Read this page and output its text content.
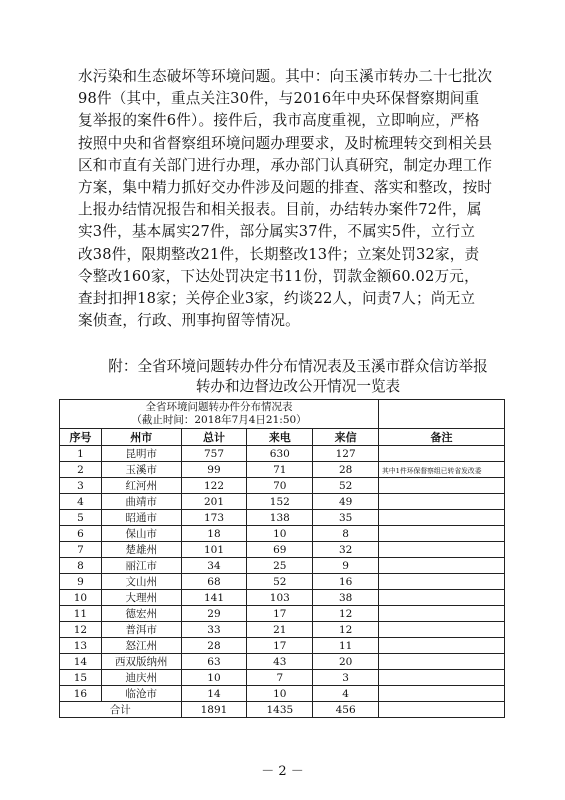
水污染和生态破坏等环境问题。其中：向玉溪市转办二十七批次
98件（其中，重点关注30件，与2016年中央环保督察期间重
复举报的案件6件）。接件后，我市高度重视，立即响应，严格
按照中央和省督察组环境问题办理要求，及时梳理转交到相关县
区和市直有关部门进行办理，承办部门认真研究，制定办理工作
方案，集中精力抓好交办件涉及问题的排查、落实和整改，按时
上报办结情况报告和相关报表。目前，办结转办案件72件，属
实3件，基本属实27件，部分属实37件，不属实5件，立行立
改38件，限期整改21件，长期整改13件；立案处罚32家，责
令整改160家，下达处罚决定书11份，罚款金额60.02万元，
查封扣押18家；关停企业3家，约谈22人，问责7人；尚无立
案侦查，行政、刑事拘留等情况。
附：全省环境问题转办件分布情况表及玉溪市群众信访举报
转办和边督边改公开情况一览表
全省环境问题转办件分布情况表
（截止时间：2018年7月4日21:50）					

序号	州市	总计	来电	来信	备注
1	昆明市	757	630	127	
2	玉溪市	99	71	28	其中1件环保督察组已转省发改委
3	红河州	122	70	52	
4	曲靖市	201	152	49	
5	昭通市	173	138	35	
6	保山市	18	10	8	
7	楚雄州	101	69	32	
8	丽江市	34	25	9	
9	文山州	68	52	16	
10	大理州	141	103	38	
11	德宏州	29	17	12	
12	普洱市	33	21	12	
13	怒江州	28	17	11	
14	西双版纳州	63	43	20	
15	迪庆州	10	7	3	
16	临沧市	14	10	4	
合计		1891	1435	456	
－ 2 －
